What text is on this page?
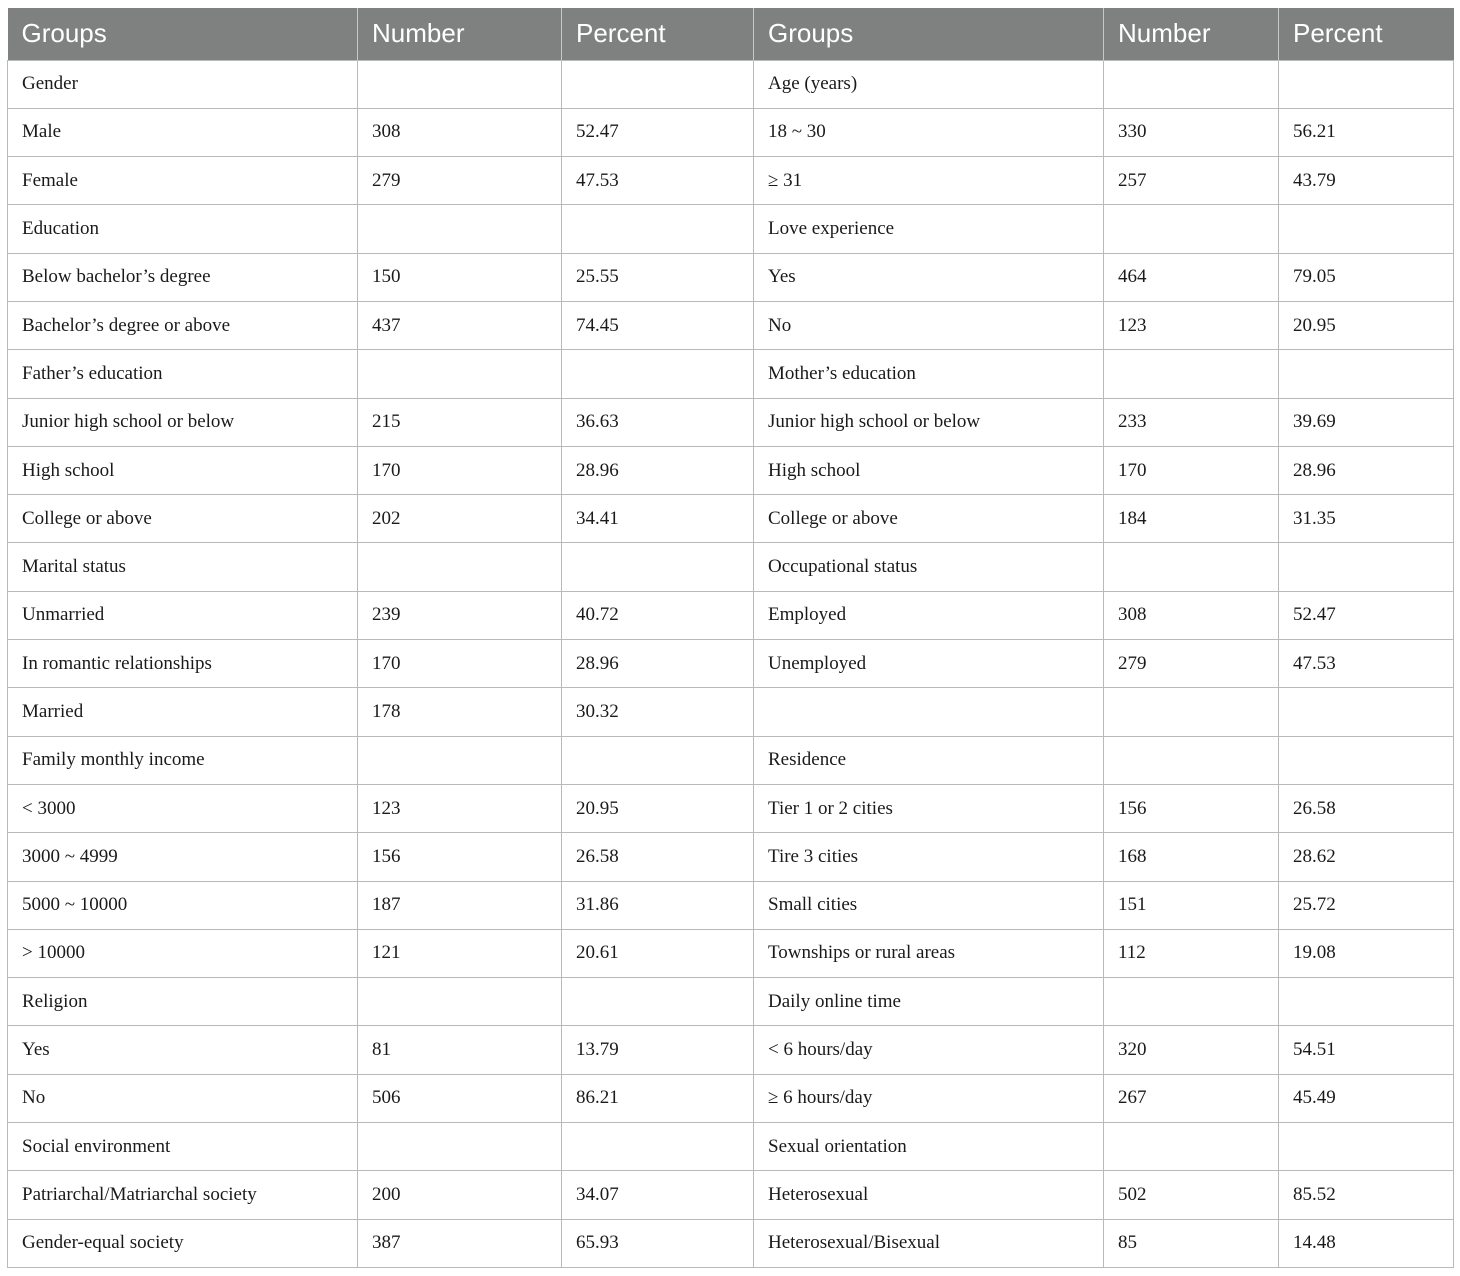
Groups	Number	Percent	Groups	Number	Percent
Gender			Age (years)		
Male	308	52.47	18 ~ 30	330	56.21
Female	279	47.53	≥ 31	257	43.79
Education			Love experience		
Below bachelor’s degree	150	25.55	Yes	464	79.05
Bachelor’s degree or above	437	74.45	No	123	20.95
Father’s education			Mother’s education		
Junior high school or below	215	36.63	Junior high school or below	233	39.69
High school	170	28.96	High school	170	28.96
College or above	202	34.41	College or above	184	31.35
Marital status			Occupational status		
Unmarried	239	40.72	Employed	308	52.47
In romantic relationships	170	28.96	Unemployed	279	47.53
Married	178	30.32			
Family monthly income			Residence		
< 3000	123	20.95	Tier 1 or 2 cities	156	26.58
3000 ~ 4999	156	26.58	Tire 3 cities	168	28.62
5000 ~ 10000	187	31.86	Small cities	151	25.72
> 10000	121	20.61	Townships or rural areas	112	19.08
Religion			Daily online time		
Yes	81	13.79	< 6 hours/day	320	54.51
No	506	86.21	≥ 6 hours/day	267	45.49
Social environment			Sexual orientation		
Patriarchal/Matriarchal society	200	34.07	Heterosexual	502	85.52
Gender-equal society	387	65.93	Heterosexual/Bisexual	85	14.48
